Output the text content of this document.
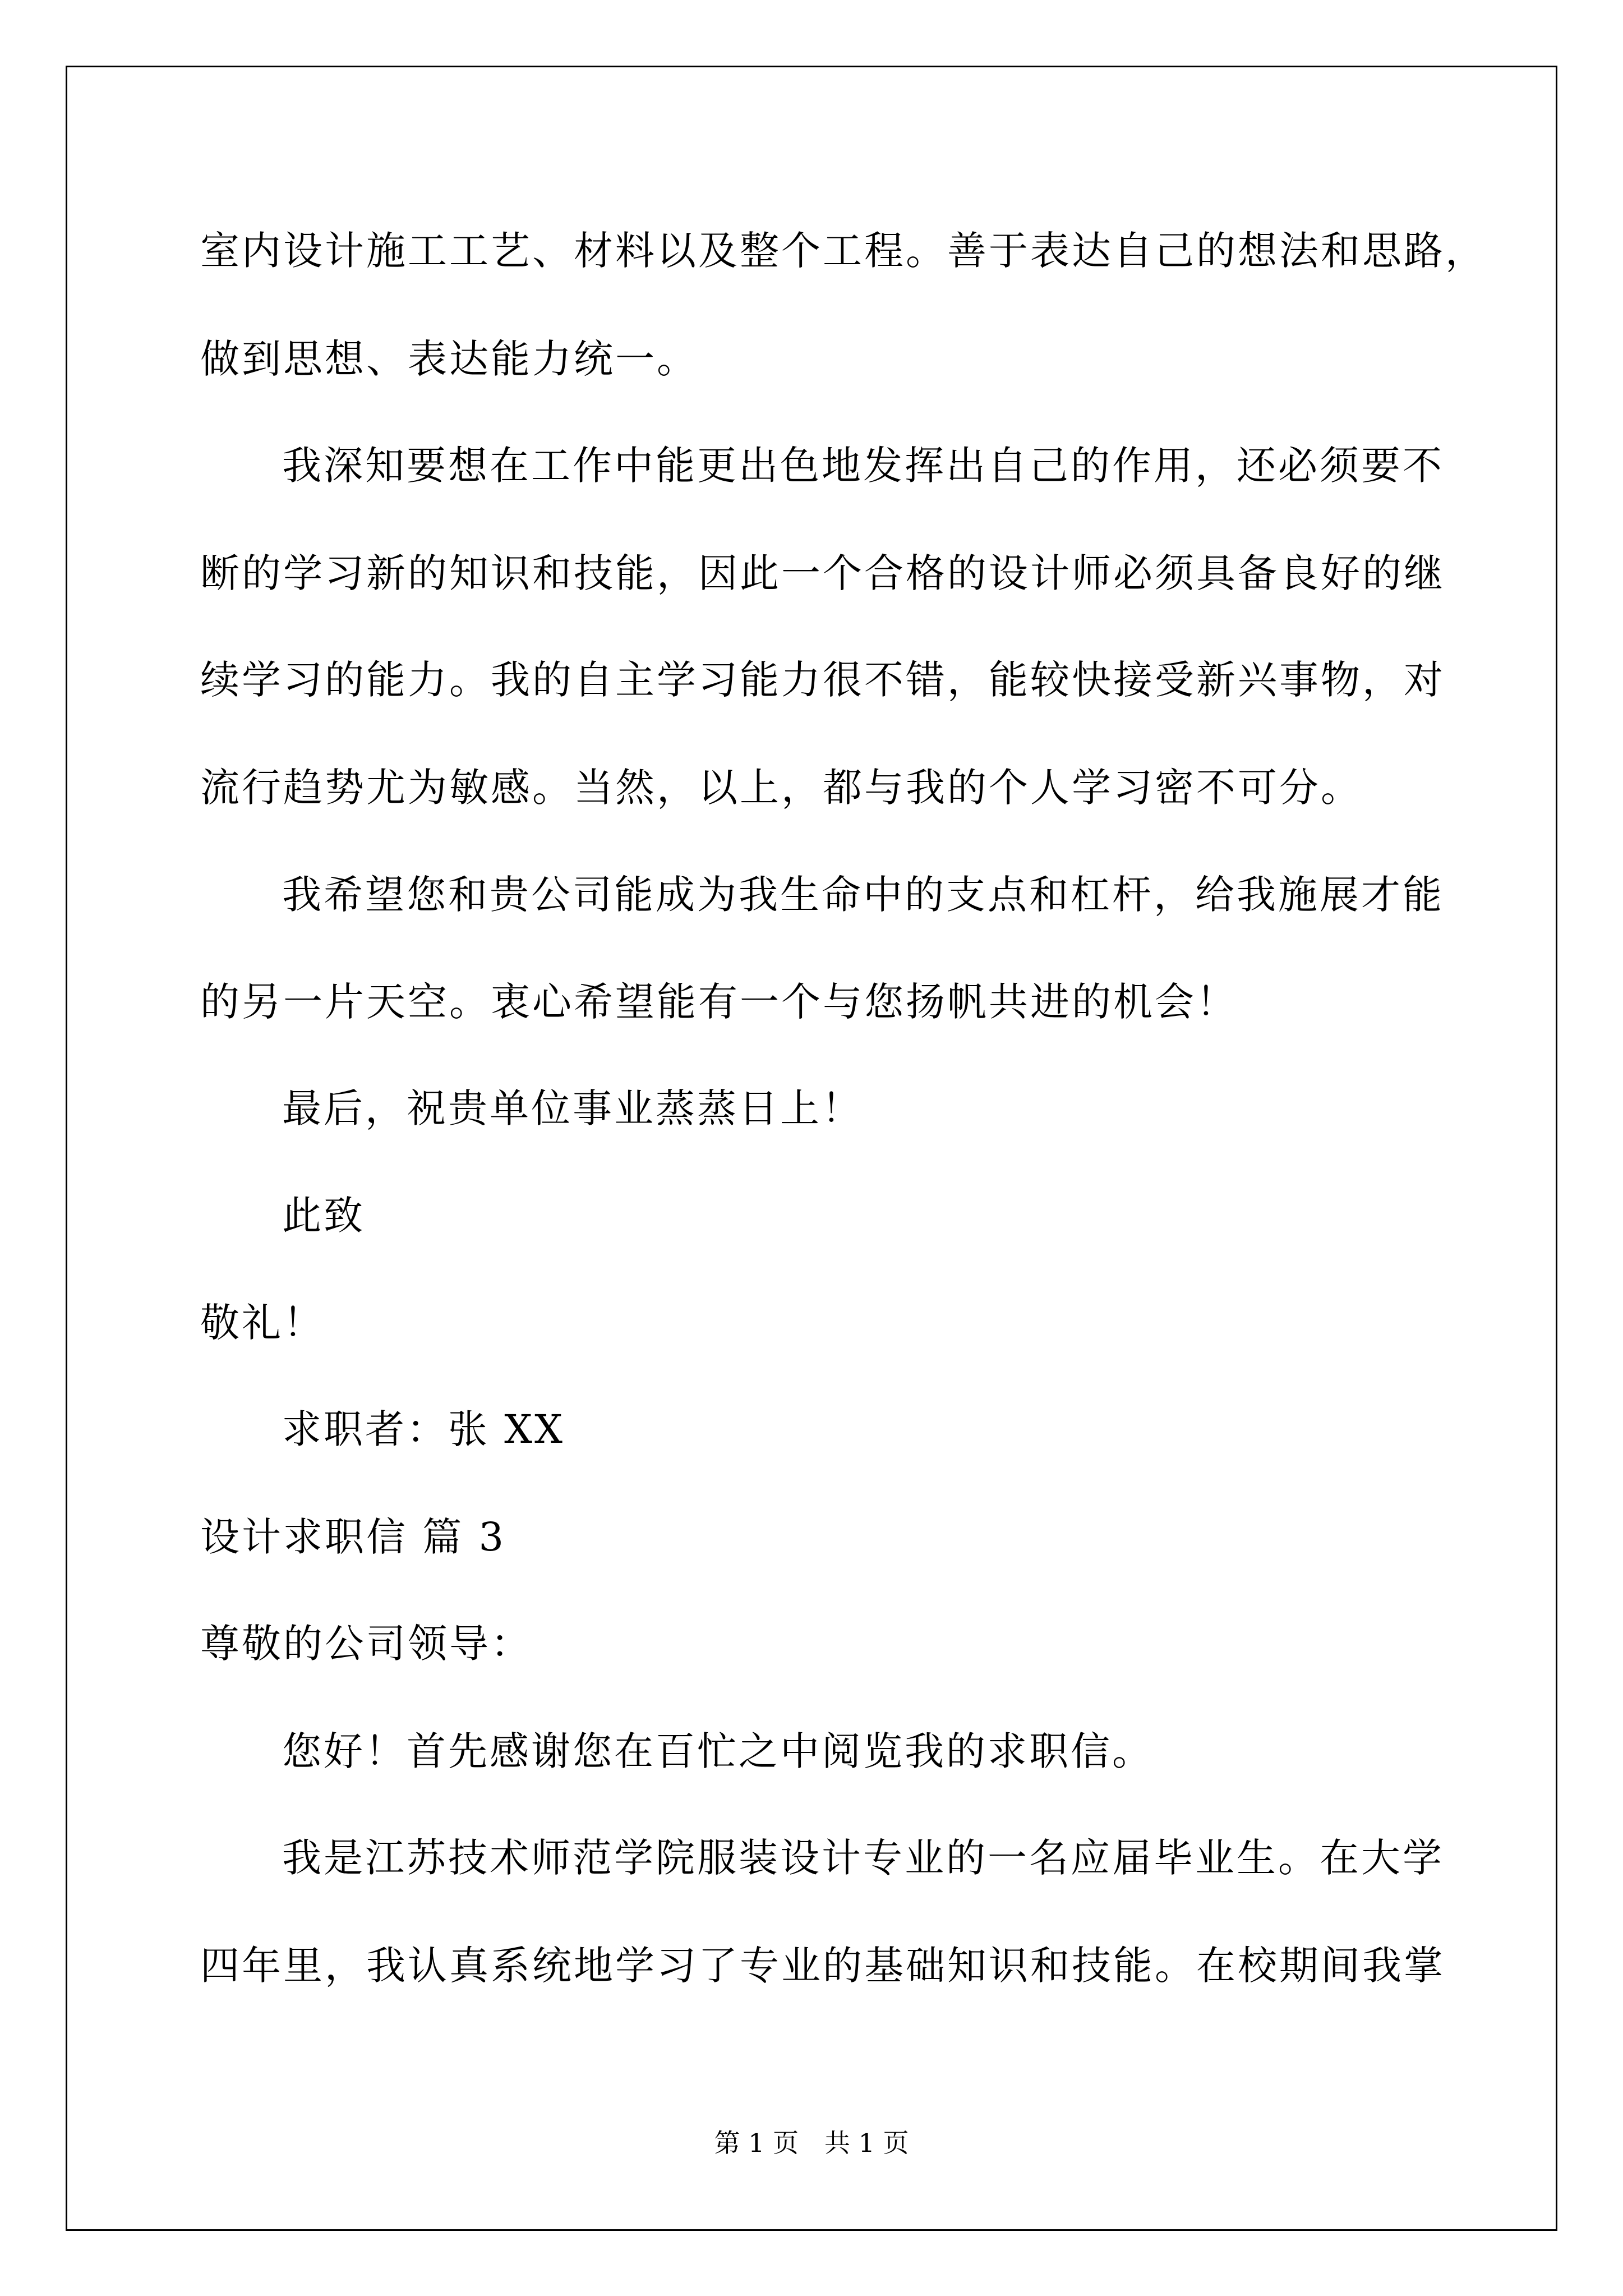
室内设计施工工艺、材料以及整个工程。善于表达自己的想法和思路，
做到思想、表达能力统一。
我深知要想在工作中能更出色地发挥出自己的作用，还必须要不
断的学习新的知识和技能，因此一个合格的设计师必须具备良好的继
续学习的能力。我的自主学习能力很不错，能较快接受新兴事物，对
流行趋势尤为敏感。当然，以上，都与我的个人学习密不可分。
我希望您和贵公司能成为我生命中的支点和杠杆，给我施展才能
的另一片天空。衷心希望能有一个与您扬帆共进的机会！
最后，祝贵单位事业蒸蒸日上！
此致
敬礼！
求职者：张 XX
设计求职信 篇 3
尊敬的公司领导：
您好！首先感谢您在百忙之中阅览我的求职信。
我是江苏技术师范学院服装设计专业的一名应届毕业生。在大学
四年里，我认真系统地学习了专业的基础知识和技能。在校期间我掌
第 1 页　共 1 页
